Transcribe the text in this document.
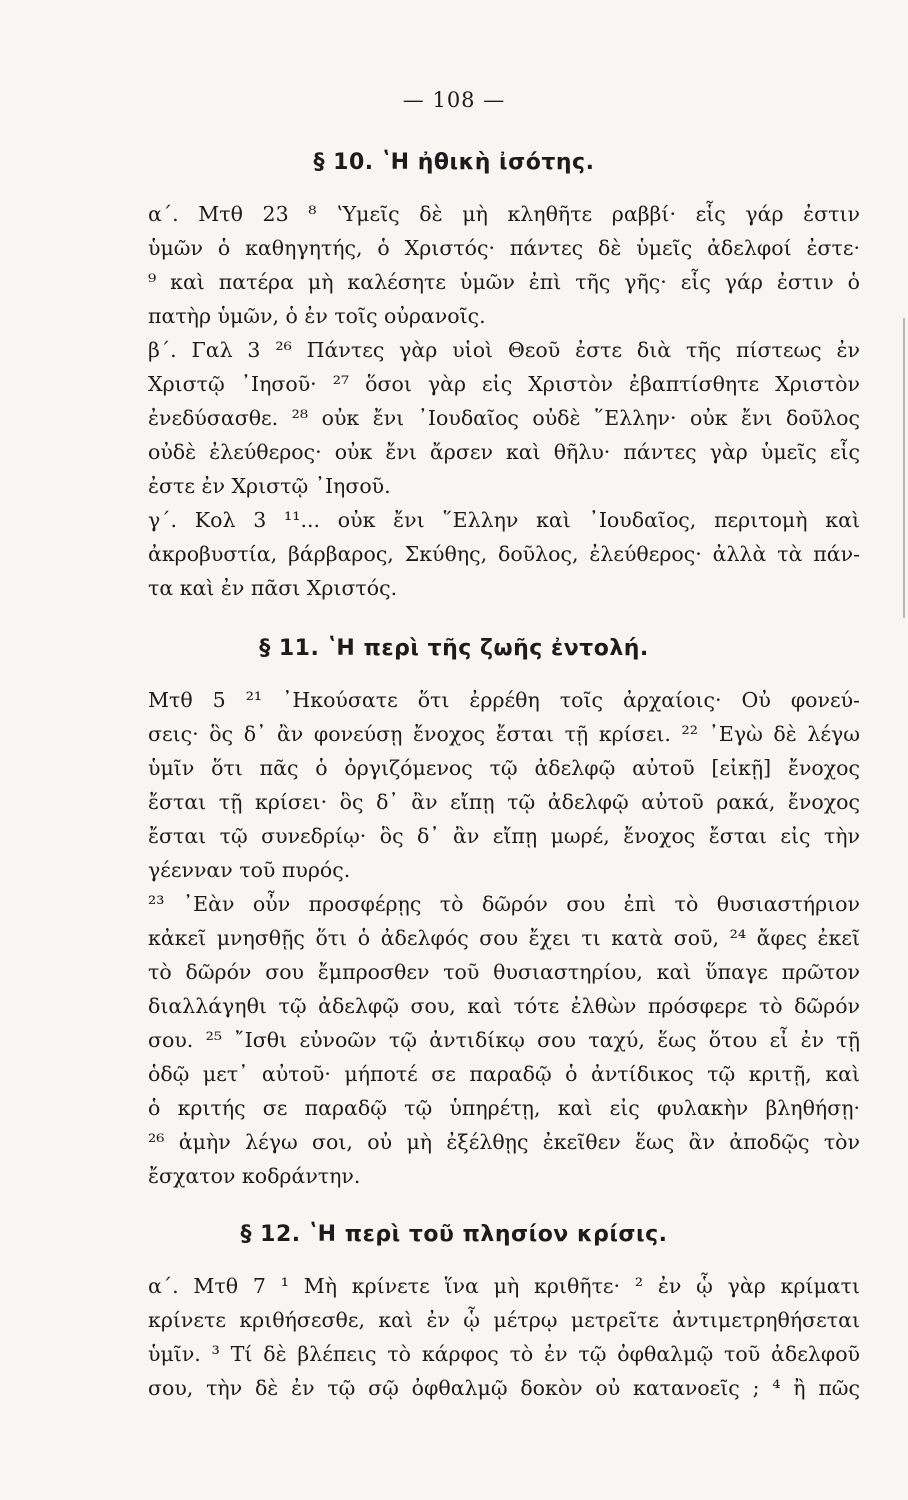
— 108 —
§ 10. ʽΗ ἠθικὴ ἰσότης.
α΄. Μτθ 23 ⁸ ʽΥμεῖς δὲ μὴ κληθῆτε ραββί· εἷς γάρ ἐστιν
ὑμῶν ὁ καθηγητής, ὁ Χριστός· πάντες δὲ ὑμεῖς ἀδελφοί ἐστε·
⁹ καὶ πατέρα μὴ καλέσητε ὑμῶν ἐπὶ τῆς γῆς· εἷς γάρ ἐστιν ὁ
πατὴρ ὑμῶν, ὁ ἐν τοῖς οὐρανοῖς.
β΄. Γαλ 3 ²⁶ Πάντες γὰρ υἱοὶ Θεοῦ ἐστε διὰ τῆς πίστεως ἐν
Χριστῷ ᾿Ιησοῦ· ²⁷ ὅσοι γὰρ εἰς Χριστὸν ἐβαπτίσθητε Χριστὸν
ἐνεδύσασθε. ²⁸ οὐκ ἔνι ᾿Ιουδαῖος οὐδὲ ῞Ελλην· οὐκ ἔνι δοῦλος
οὐδὲ ἐλεύθερος· οὐκ ἔνι ἄρσεν καὶ θῆλυ· πάντες γὰρ ὑμεῖς εἷς
ἐστε ἐν Χριστῷ ᾿Ιησοῦ.
γ΄. Κολ 3 ¹¹... οὐκ ἔνι ῞Ελλην καὶ ᾿Ιουδαῖος, περιτομὴ καὶ
ἀκροβυστία, βάρβαρος, Σκύθης, δοῦλος, ἐλεύθερος· ἀλλὰ τὰ πάν-
τα καὶ ἐν πᾶσι Χριστός.
§ 11. ʽΗ περὶ τῆς ζωῆς ἐντολή.
Μτθ 5 ²¹ ᾿Ηκούσατε ὅτι ἐρρέθη τοῖς ἀρχαίοις· Οὐ φονεύ-
σεις· ὃς δ᾿ ἂν φονεύσῃ ἔνοχος ἔσται τῇ κρίσει. ²² ᾿Εγὼ δὲ λέγω
ὑμῖν ὅτι πᾶς ὁ ὀργιζόμενος τῷ ἀδελφῷ αὐτοῦ [εἰκῇ] ἔνοχος
ἔσται τῇ κρίσει· ὃς δ᾿ ἂν εἴπῃ τῷ ἀδελφῷ αὐτοῦ ρακά, ἔνοχος
ἔσται τῷ συνεδρίῳ· ὃς δ᾿ ἂν εἴπῃ μωρέ, ἔνοχος ἔσται εἰς τὴν
γέενναν τοῦ πυρός.
²³ ᾿Εὰν οὖν προσφέρῃς τὸ δῶρόν σου ἐπὶ τὸ θυσιαστήριον
κἀκεῖ μνησθῇς ὅτι ὁ ἀδελφός σου ἔχει τι κατὰ σοῦ, ²⁴ ἄφες ἐκεῖ
τὸ δῶρόν σου ἔμπροσθεν τοῦ θυσιαστηρίου, καὶ ὕπαγε πρῶτον
διαλλάγηθι τῷ ἀδελφῷ σου, καὶ τότε ἐλθὼν πρόσφερε τὸ δῶρόν
σου. ²⁵ ῎Ισθι εὐνοῶν τῷ ἀντιδίκῳ σου ταχύ, ἕως ὅτου εἶ ἐν τῇ
ὁδῷ μετ᾿ αὐτοῦ· μήποτέ σε παραδῷ ὁ ἀντίδικος τῷ κριτῇ, καὶ
ὁ κριτής σε παραδῷ τῷ ὑπηρέτῃ, καὶ εἰς φυλακὴν βληθήσῃ·
²⁶ ἀμὴν λέγω σοι, οὐ μὴ ἐξέλθῃς ἐκεῖθεν ἕως ἂν ἀποδῷς τὸν
ἔσχατον κοδράντην.
§ 12. ʽΗ περὶ τοῦ πλησίον κρίσις.
α΄. Μτθ 7 ¹ Μὴ κρίνετε ἵνα μὴ κριθῆτε· ² ἐν ᾧ γὰρ κρίματι
κρίνετε κριθήσεσθε, καὶ ἐν ᾧ μέτρῳ μετρεῖτε ἀντιμετρηθήσεται
ὑμῖν. ³ Τί δὲ βλέπεις τὸ κάρφος τὸ ἐν τῷ ὀφθαλμῷ τοῦ ἀδελφοῦ
σου, τὴν δὲ ἐν τῷ σῷ ὀφθαλμῷ δοκὸν οὐ κατανοεῖς ; ⁴ ἢ πῶς
